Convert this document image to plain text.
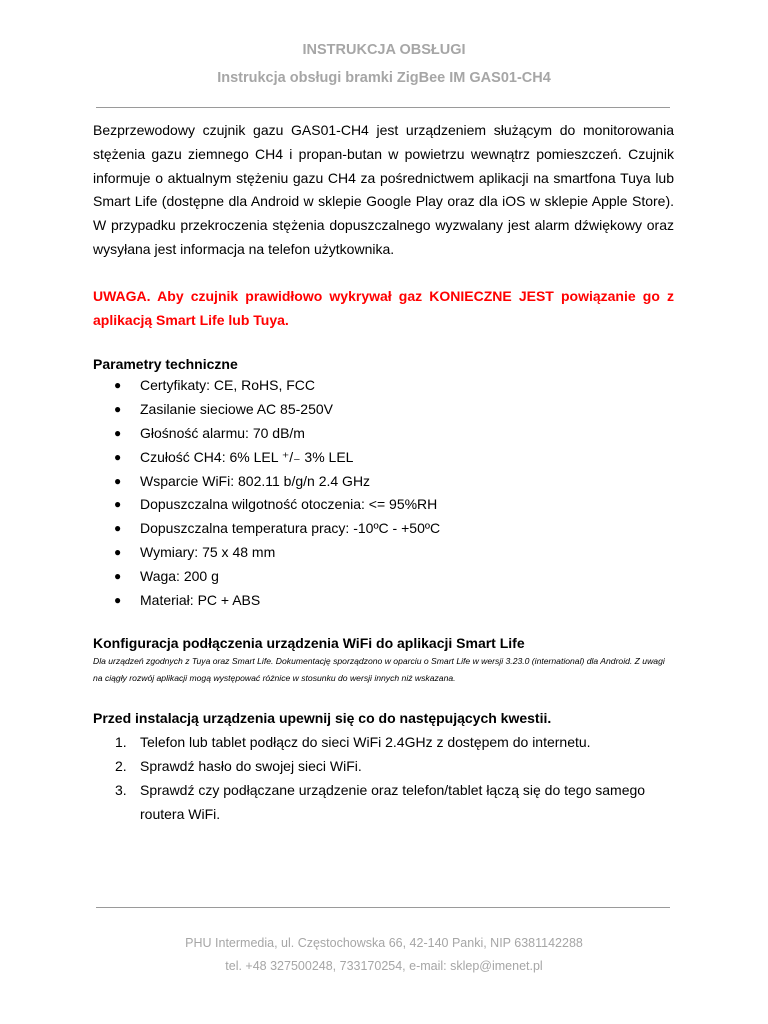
INSTRUKCJA OBSŁUGI
Instrukcja obsługi bramki ZigBee IM GAS01-CH4

Bezprzewodowy czujnik gazu GAS01-CH4 jest urządzeniem służącym do monitorowania stężenia gazu ziemnego CH4 i propan-butan w powietrzu wewnątrz pomieszczeń. Czujnik informuje o aktualnym stężeniu gazu CH4 za pośrednictwem aplikacji na smartfona Tuya lub Smart Life (dostępne dla Android w sklepie Google Play oraz dla iOS w sklepie Apple Store). W przypadku przekroczenia stężenia dopuszczalnego wyzwalany jest alarm dźwiękowy oraz wysyłana jest informacja na telefon użytkownika.

UWAGA. Aby czujnik prawidłowo wykrywał gaz KONIECZNE JEST powiązanie go z aplikacją Smart Life lub Tuya.

Parametry techniczne
● Certyfikaty: CE, RoHS, FCC
● Zasilanie sieciowe AC 85-250V
● Głośność alarmu: 70 dB/m
● Czułość CH4: 6% LEL ⁺/₋ 3% LEL
● Wsparcie WiFi: 802.11 b/g/n 2.4 GHz
● Dopuszczalna wilgotność otoczenia: <= 95%RH
● Dopuszczalna temperatura pracy: -10ºC - +50ºC
● Wymiary: 75 x 48 mm
● Waga: 200 g
● Materiał: PC + ABS
Konfiguracja podłączenia urządzenia WiFi do aplikacji Smart Life

Dla urządzeń zgodnych z Tuya oraz Smart Life. Dokumentację sporządzono w oparciu o Smart Life w wersji 3.23.0 (international) dla Android. Z uwagi na ciągły rozwój aplikacji mogą występować różnice w stosunku do wersji innych niż wskazana.

Przed instalacją urządzenia upewnij się co do następujących kwestii.
1. Telefon lub tablet podłącz do sieci WiFi 2.4GHz z dostępem do internetu.
2. Sprawdź hasło do swojej sieci WiFi.
3. Sprawdź czy podłączane urządzenie oraz telefon/tablet łączą się do tego samego routera WiFi.
PHU Intermedia, ul. Częstochowska 66, 42-140 Panki, NIP 6381142288
tel. +48 327500248, 733170254, e-mail: sklep@imenet.pl
